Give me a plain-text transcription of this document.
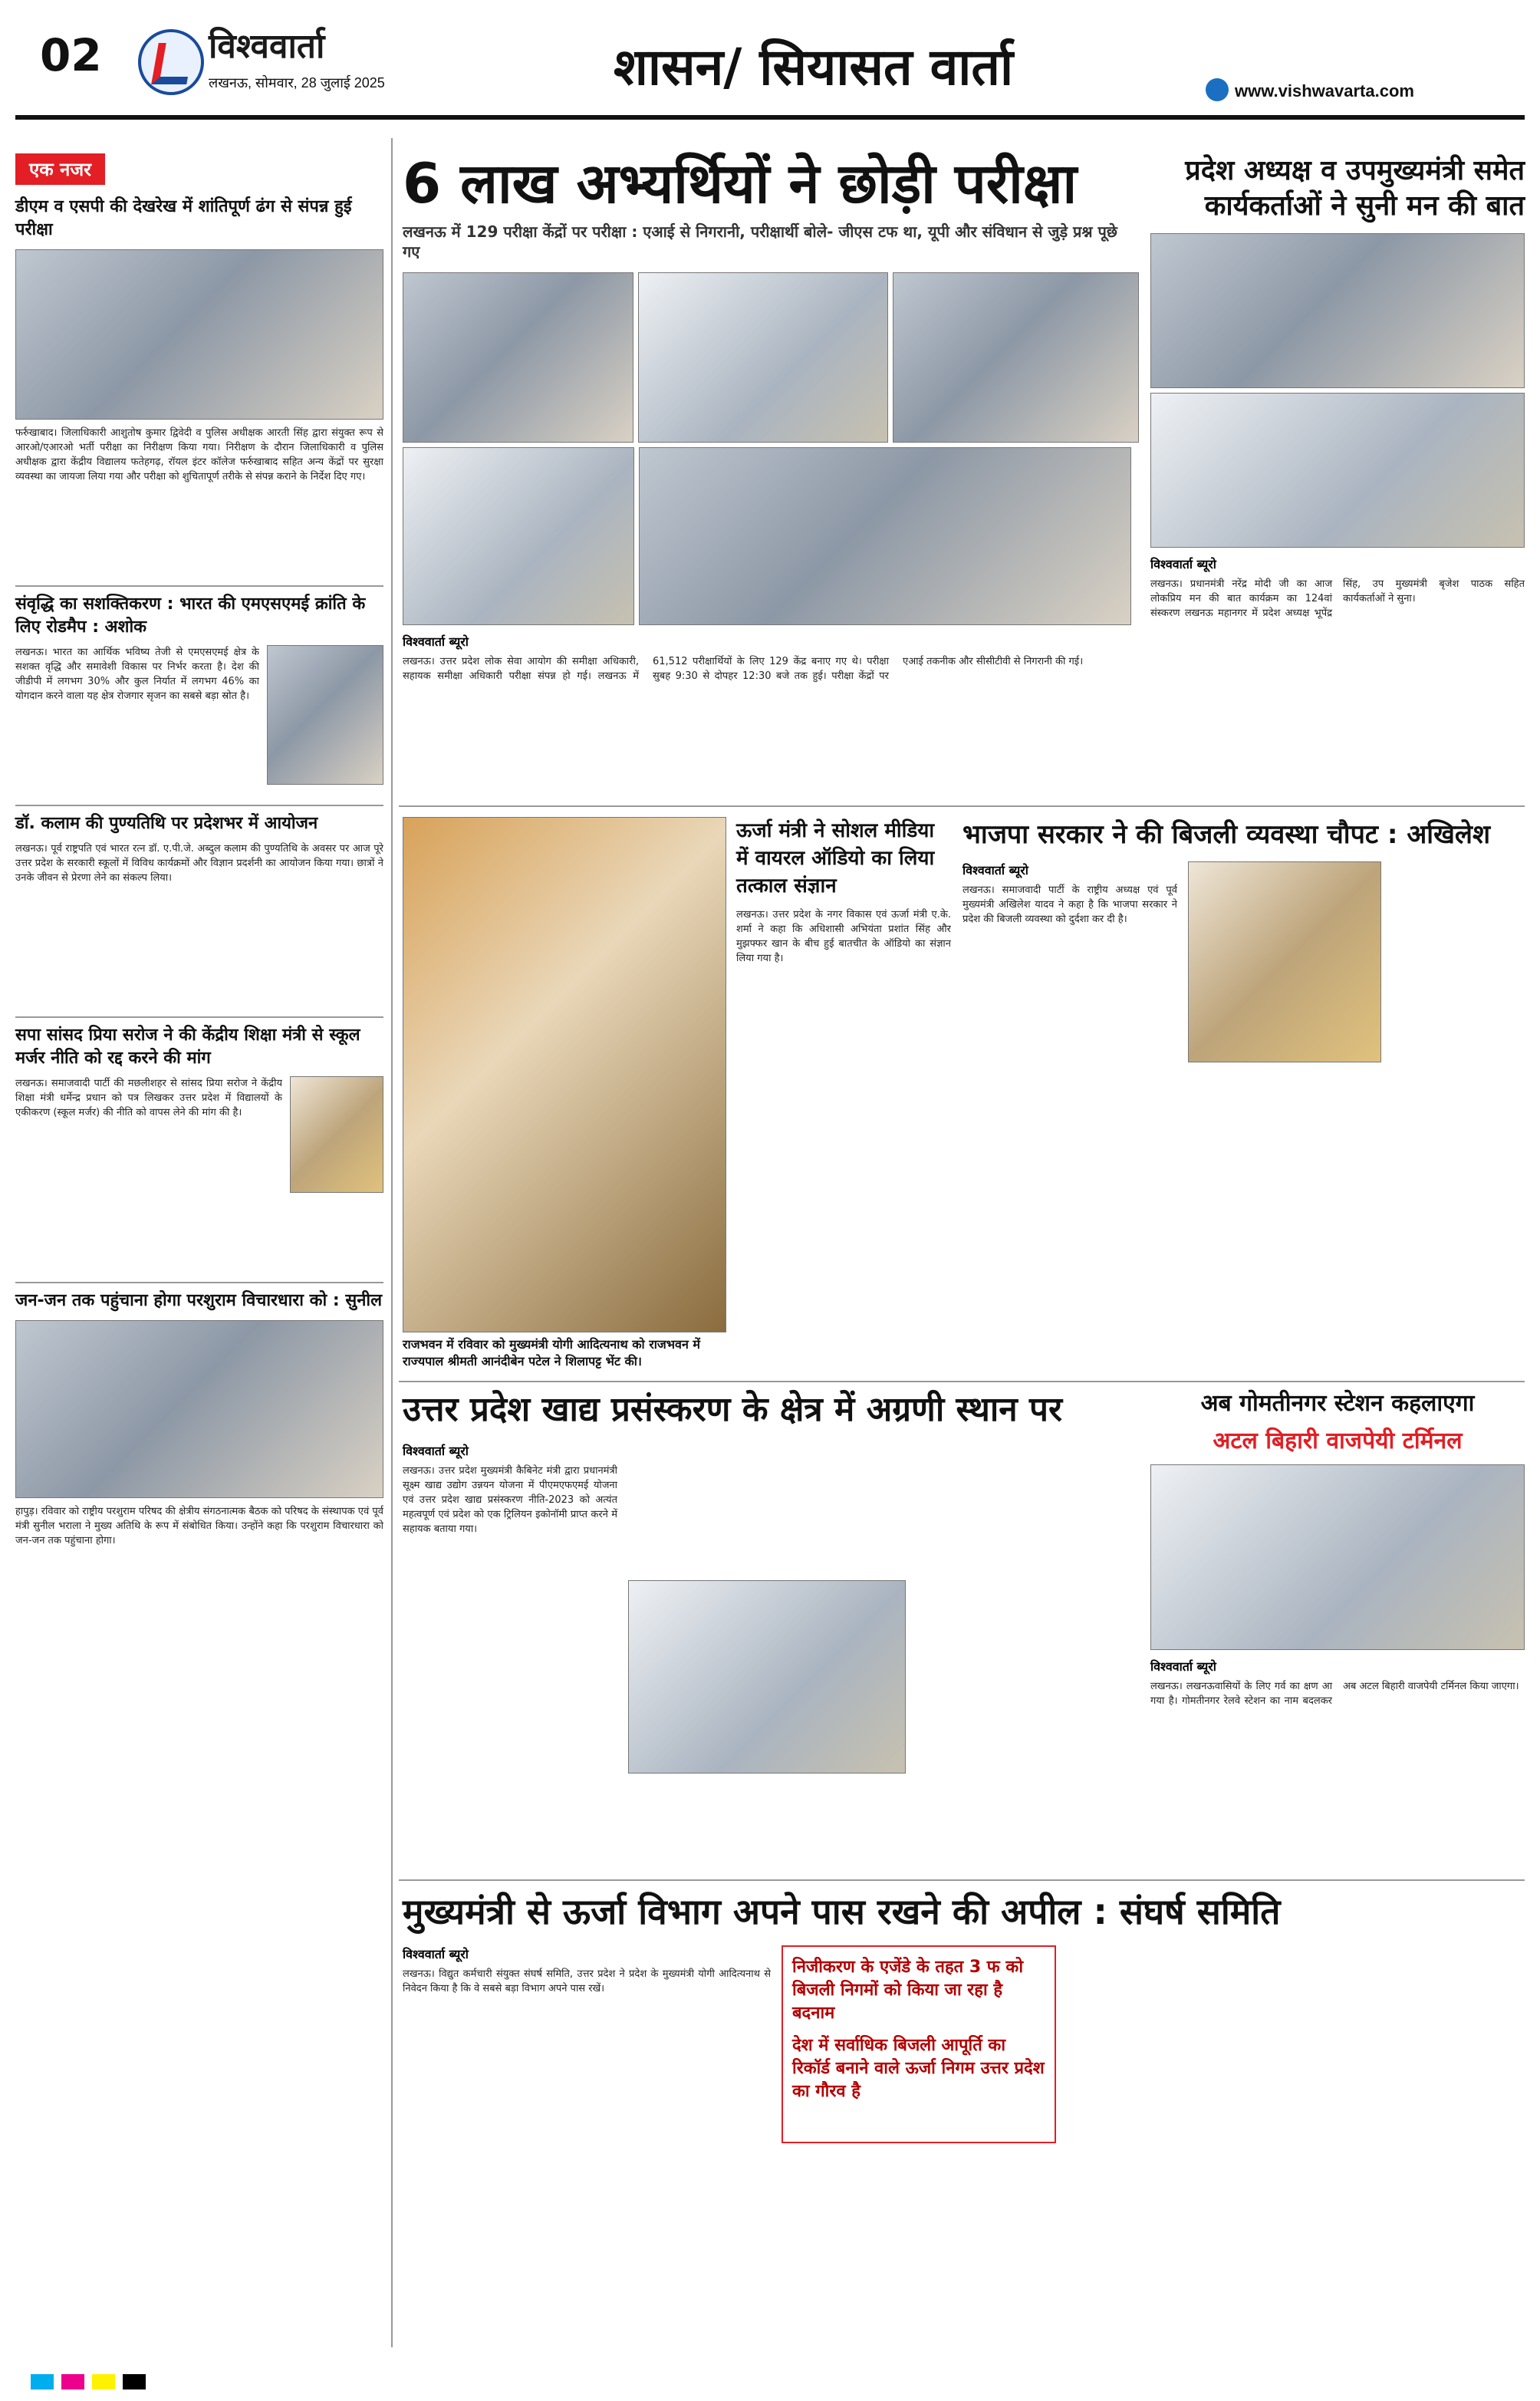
02	विश्ववार्ता
लखनऊ, सोमवार, 28 जुलाई 2025	शासन/ सियासत वार्ता	www.vishwavarta.com
एक नजर
डीएम व एसपी की देखरेख में शांतिपूर्ण ढंग से संपन्न हुई परीक्षा
फर्रुखाबाद। जिलाधिकारी आशुतोष कुमार द्विवेदी व पुलिस अधीक्षक आरती सिंह द्वारा संयुक्त रूप से आरओ/एआरओ भर्ती परीक्षा का निरीक्षण किया गया। निरीक्षण के दौरान जिलाधिकारी व पुलिस अधीक्षक द्वारा केंद्रीय विद्यालय फतेहगढ़, रॉयल इंटर कॉलेज फर्रुखाबाद सहित अन्य केंद्रों पर सुरक्षा व्यवस्था का जायजा लिया गया और परीक्षा को शुचितापूर्ण तरीके से संपन्न कराने के निर्देश दिए गए।
संवृद्धि का सशक्तिकरण : भारत की एमएसएमई क्रांति के लिए रोडमैप : अशोक
लखनऊ। भारत का आर्थिक भविष्य तेजी से एमएसएमई क्षेत्र के सशक्त वृद्धि और समावेशी विकास पर निर्भर करता है। देश की जीडीपी में लगभग 30% और कुल निर्यात में लगभग 46% का योगदान करने वाला यह क्षेत्र रोजगार सृजन का सबसे बड़ा स्रोत है।
डॉ. कलाम की पुण्यतिथि पर प्रदेशभर में आयोजन
लखनऊ। पूर्व राष्ट्रपति एवं भारत रत्न डॉ. ए.पी.जे. अब्दुल कलाम की पुण्यतिथि के अवसर पर आज पूरे उत्तर प्रदेश के सरकारी स्कूलों में विविध कार्यक्रमों और विज्ञान प्रदर्शनी का आयोजन किया गया। छात्रों ने उनके जीवन से प्रेरणा लेने का संकल्प लिया।
सपा सांसद प्रिया सरोज ने की केंद्रीय शिक्षा मंत्री से स्कूल मर्जर नीति को रद्द करने की मांग
लखनऊ। समाजवादी पार्टी की मछलीशहर से सांसद प्रिया सरोज ने केंद्रीय शिक्षा मंत्री धर्मेन्द्र प्रधान को पत्र लिखकर उत्तर प्रदेश में विद्यालयों के एकीकरण (स्कूल मर्जर) की नीति को वापस लेने की मांग की है।
जन-जन तक पहुंचाना होगा परशुराम विचारधारा को : सुनील
हापुड़। रविवार को राष्ट्रीय परशुराम परिषद की क्षेत्रीय संगठनात्मक बैठक को परिषद के संस्थापक एवं पूर्व मंत्री सुनील भराला ने मुख्य अतिथि के रूप में संबोधित किया। उन्होंने कहा कि परशुराम विचारधारा को जन-जन तक पहुंचाना होगा।
6 लाख अभ्यर्थियों ने छोड़ी परीक्षा
लखनऊ में 129 परीक्षा केंद्रों पर परीक्षा : एआई से निगरानी, परीक्षार्थी बोले- जीएस टफ था, यूपी और संविधान से जुड़े प्रश्न पूछे गए
विश्ववार्ता ब्यूरो
लखनऊ। उत्तर प्रदेश लोक सेवा आयोग की समीक्षा अधिकारी, सहायक समीक्षा अधिकारी परीक्षा संपन्न हो गई। लखनऊ में 61,512 परीक्षार्थियों के लिए 129 केंद्र बनाए गए थे। परीक्षा सुबह 9:30 से दोपहर 12:30 बजे तक हुई। परीक्षा केंद्रों पर एआई तकनीक और सीसीटीवी से निगरानी की गई।
प्रदेश अध्यक्ष व उपमुख्यमंत्री समेत कार्यकर्ताओं ने सुनी मन की बात
विश्ववार्ता ब्यूरो
लखनऊ। प्रधानमंत्री नरेंद्र मोदी जी का आज लोकप्रिय मन की बात कार्यक्रम का 124वां संस्करण लखनऊ महानगर में प्रदेश अध्यक्ष भूपेंद्र सिंह, उप मुख्यमंत्री बृजेश पाठक सहित कार्यकर्ताओं ने सुना।
राजभवन में रविवार को मुख्यमंत्री योगी आदित्यनाथ को राजभवन में राज्यपाल श्रीमती आनंदीबेन पटेल ने शिलापट्ट भेंट की।
ऊर्जा मंत्री ने सोशल मीडिया में वायरल ऑडियो का लिया तत्काल संज्ञान
लखनऊ। उत्तर प्रदेश के नगर विकास एवं ऊर्जा मंत्री ए.के. शर्मा ने कहा कि अधिशासी अभियंता प्रशांत सिंह और मुझफ्फर खान के बीच हुई बातचीत के ऑडियो का संज्ञान लिया गया है।
भाजपा सरकार ने की बिजली व्यवस्था चौपट : अखिलेश
विश्ववार्ता ब्यूरो
लखनऊ। समाजवादी पार्टी के राष्ट्रीय अध्यक्ष एवं पूर्व मुख्यमंत्री अखिलेश यादव ने कहा है कि भाजपा सरकार ने प्रदेश की बिजली व्यवस्था को दुर्दशा कर दी है।
उत्तर प्रदेश खाद्य प्रसंस्करण के क्षेत्र में अग्रणी स्थान पर
विश्ववार्ता ब्यूरो
लखनऊ। उत्तर प्रदेश मुख्यमंत्री कैबिनेट मंत्री द्वारा प्रधानमंत्री सूक्ष्म खाद्य उद्योग उन्नयन योजना में पीएमएफएमई योजना एवं उत्तर प्रदेश खाद्य प्रसंस्करण नीति-2023 को अत्यंत महत्वपूर्ण एवं प्रदेश को एक ट्रिलियन इकोनॉमी प्राप्त करने में सहायक बताया गया।
अब गोमतीनगर स्टेशन कहलाएगा
अटल बिहारी वाजपेयी टर्मिनल
विश्ववार्ता ब्यूरो
लखनऊ। लखनऊवासियों के लिए गर्व का क्षण आ गया है। गोमतीनगर रेलवे स्टेशन का नाम बदलकर अब अटल बिहारी वाजपेयी टर्मिनल किया जाएगा।
मुख्यमंत्री से ऊर्जा विभाग अपने पास रखने की अपील : संघर्ष समिति
विश्ववार्ता ब्यूरो
लखनऊ। विद्युत कर्मचारी संयुक्त संघर्ष समिति, उत्तर प्रदेश ने प्रदेश के मुख्यमंत्री योगी आदित्यनाथ से निवेदन किया है कि वे सबसे बड़ा विभाग अपने पास रखें।
निजीकरण के एजेंडे के तहत 3 फ को बिजली निगमों को किया जा रहा है बदनाम
देश में सर्वाधिक बिजली आपूर्ति का रिकॉर्ड बनाने वाले ऊर्जा निगम उत्तर प्रदेश का गौरव है
